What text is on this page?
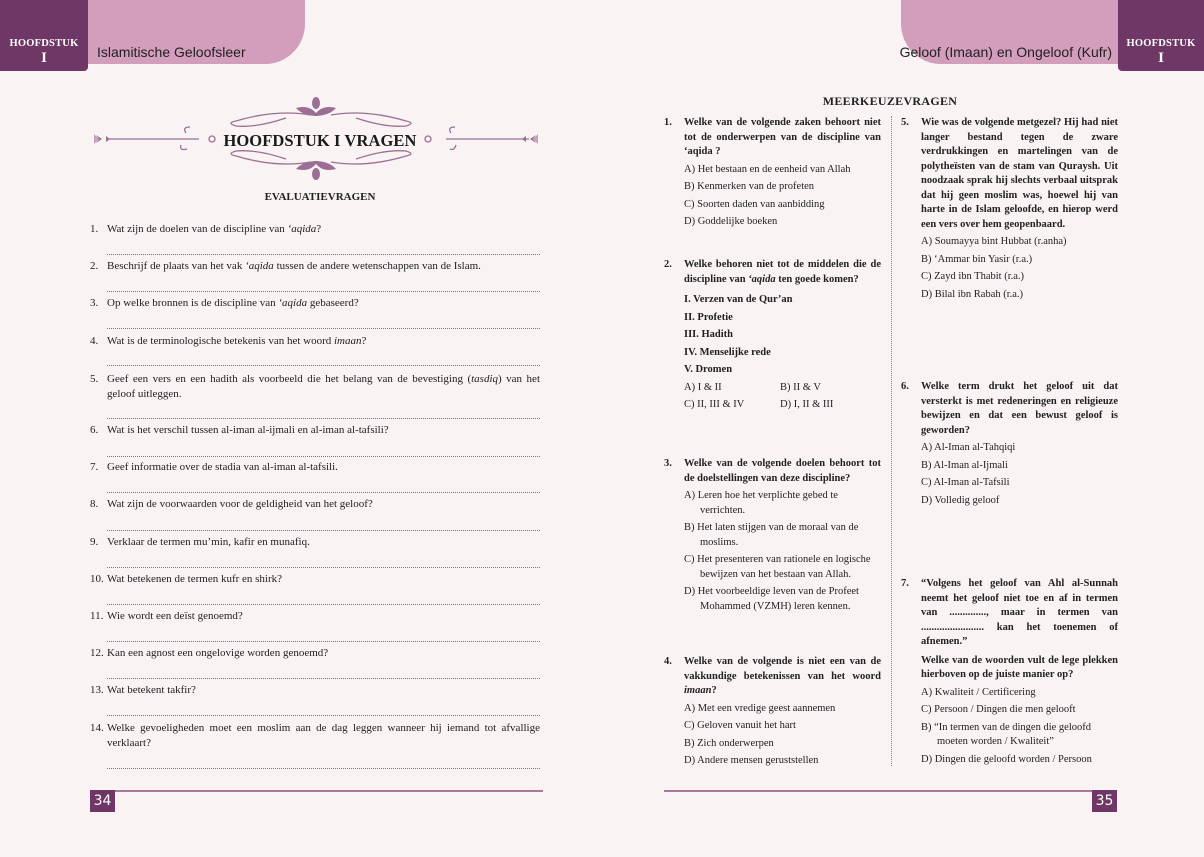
HOOFDSTUK
I	Islamitische Geloofsleer	Geloof (Imaan) en Ongeloof (Kufr)
HOOFDSTUK
I
HOOFDSTUK I VRAGEN
EVALUATIEVRAGEN
1. Wat zijn de doelen van de discipline van ‘aqida?
2. Beschrijf de plaats van het vak ‘aqida tussen de andere wetenschappen van de Islam.
3. Op welke bronnen is de discipline van ‘aqida gebaseerd?
4. Wat is de terminologische betekenis van het woord imaan?
5. Geef een vers en een hadith als voorbeeld die het belang van de bevestiging (tasdiq) van het geloof uitleggen.
6. Wat is het verschil tussen al-iman al-ijmali en al-iman al-tafsili?
7. Geef informatie over de stadia van al-iman al-tafsili.
8. Wat zijn de voorwaarden voor de geldigheid van het geloof?
9. Verklaar de termen mu’min, kafir en munafiq.
10. Wat betekenen de termen kufr en shirk?
11. Wie wordt een deïst genoemd?
12. Kan een agnost een ongelovige worden genoemd?
13. Wat betekent takfir?
14. Welke gevoeligheden moet een moslim aan de dag leggen wanneer hij iemand tot afvallige verklaart?
34
MEERKEUZEVRAGEN
1. Welke van de volgende zaken behoort niet tot de onderwerpen van de discipline van ‘aqida ?
A) Het bestaan en de eenheid van Allah
B) Kenmerken van de profeten
C) Soorten daden van aanbidding
D) Goddelijke boeken
2. Welke behoren niet tot de middelen die de discipline van ‘aqida ten goede komen?
I. Verzen van de Qur’an
II. Profetie
III. Hadith
IV. Menselijke rede
V. Dromen
A) I & II	B) II & V
C) II, III & IV	D) I, II & III
3. Welke van de volgende doelen behoort tot de doelstellingen van deze discipline?
A) Leren hoe het verplichte gebed te verrichten.
B) Het laten stijgen van de moraal van de moslims.
C) Het presenteren van rationele en logische bewijzen van het bestaan van Allah.
D) Het voorbeeldige leven van de Profeet Mohammed (VZMH) leren kennen.
4. Welke van de volgende is niet een van de vakkundige betekenissen van het woord imaan?
A) Met een vredige geest aannemen
C) Geloven vanuit het hart
B) Zich onderwerpen
D) Andere mensen geruststellen
5. Wie was de volgende metgezel? Hij had niet langer bestand tegen de zware verdrukkingen en martelingen van de polytheïsten van de stam van Quraysh. Uit noodzaak sprak hij slechts verbaal uitsprak dat hij geen moslim was, hoewel hij van harte in de Islam geloofde, en hierop werd een vers over hem geopenbaard.
A) Soumayya bint Hubbat (r.anha)
B) ‘Ammar bin Yasir (r.a.)
C) Zayd ibn Thabit (r.a.)
D) Bilal ibn Rabah (r.a.)
6. Welke term drukt het geloof uit dat versterkt is met redeneringen en religieuze bewijzen en dat een bewust geloof is geworden?
A) Al-Iman al-Tahqiqi
B) Al-Iman al-Ijmali
C) Al-Iman al-Tafsili
D) Volledig geloof
7. “Volgens het geloof van Ahl al-Sunnah neemt het geloof niet toe en af in termen van .............., maar in termen van ........................ kan het toenemen of afnemen.”
Welke van de woorden vult de lege plekken hierboven op de juiste manier op?
A) Kwaliteit / Certificering
C) Persoon / Dingen die men gelooft
B) “In termen van de dingen die geloofd moeten worden / Kwaliteit”
D) Dingen die geloofd worden / Persoon
35
